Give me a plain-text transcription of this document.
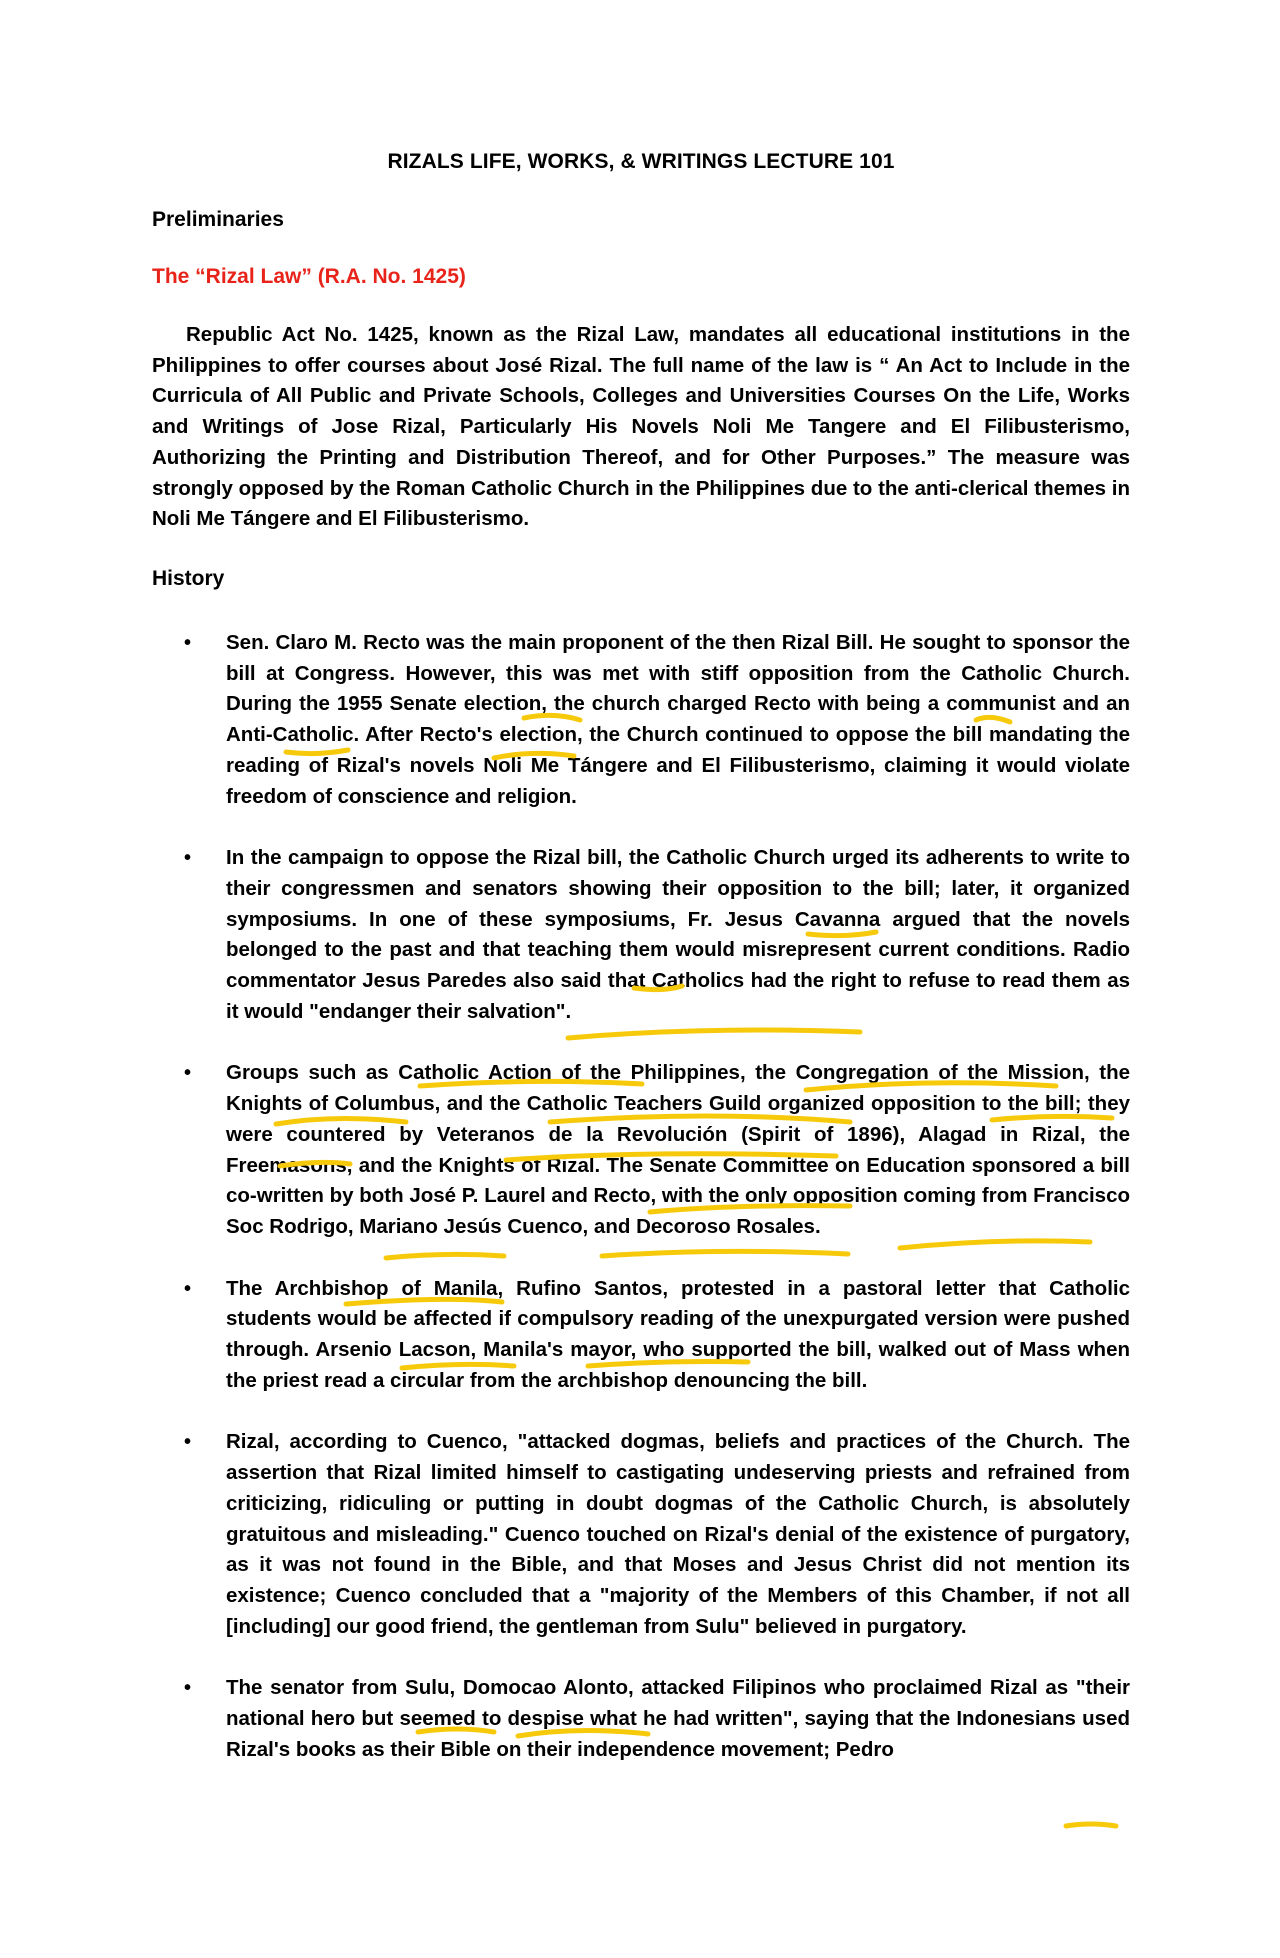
RIZALS LIFE, WORKS, & WRITINGS LECTURE 101
Preliminaries
The “Rizal Law” (R.A. No. 1425)
Republic Act No. 1425, known as the Rizal Law, mandates all educational institutions in the Philippines to offer courses about José Rizal. The full name of the law is “ An Act to Include in the Curricula of All Public and Private Schools, Colleges and Universities Courses On the Life, Works and Writings of Jose Rizal, Particularly His Novels Noli Me Tangere and El Filibusterismo, Authorizing the Printing and Distribution Thereof, and for Other Purposes.” The measure was strongly opposed by the Roman Catholic Church in the Philippines due to the anti-clerical themes in Noli Me Tángere and El Filibusterismo.
History
• Sen. Claro M. Recto was the main proponent of the then Rizal Bill. He sought to sponsor the bill at Congress. However, this was met with stiff opposition from the Catholic Church. During the 1955 Senate election, the church charged Recto with being a communist and an Anti-Catholic. After Recto's election, the Church continued to oppose the bill mandating the reading of Rizal's novels Noli Me Tángere and El Filibusterismo, claiming it would violate freedom of conscience and religion.
• In the campaign to oppose the Rizal bill, the Catholic Church urged its adherents to write to their congressmen and senators showing their opposition to the bill; later, it organized symposiums. In one of these symposiums, Fr. Jesus Cavanna argued that the novels belonged to the past and that teaching them would misrepresent current conditions. Radio commentator Jesus Paredes also said that Catholics had the right to refuse to read them as it would "endanger their salvation".
• Groups such as Catholic Action of the Philippines, the Congregation of the Mission, the Knights of Columbus, and the Catholic Teachers Guild organized opposition to the bill; they were countered by Veteranos de la Revolución (Spirit of 1896), Alagad in Rizal, the Freemasons, and the Knights of Rizal. The Senate Committee on Education sponsored a bill co-written by both José P. Laurel and Recto, with the only opposition coming from Francisco Soc Rodrigo, Mariano Jesús Cuenco, and Decoroso Rosales.
• The Archbishop of Manila, Rufino Santos, protested in a pastoral letter that Catholic students would be affected if compulsory reading of the unexpurgated version were pushed through. Arsenio Lacson, Manila's mayor, who supported the bill, walked out of Mass when the priest read a circular from the archbishop denouncing the bill.
• Rizal, according to Cuenco, "attacked dogmas, beliefs and practices of the Church. The assertion that Rizal limited himself to castigating undeserving priests and refrained from criticizing, ridiculing or putting in doubt dogmas of the Catholic Church, is absolutely gratuitous and misleading." Cuenco touched on Rizal's denial of the existence of purgatory, as it was not found in the Bible, and that Moses and Jesus Christ did not mention its existence; Cuenco concluded that a "majority of the Members of this Chamber, if not all [including] our good friend, the gentleman from Sulu" believed in purgatory.
• The senator from Sulu, Domocao Alonto, attacked Filipinos who proclaimed Rizal as "their national hero but seemed to despise what he had written", saying that the Indonesians used Rizal's books as their Bible on their independence movement; Pedro
